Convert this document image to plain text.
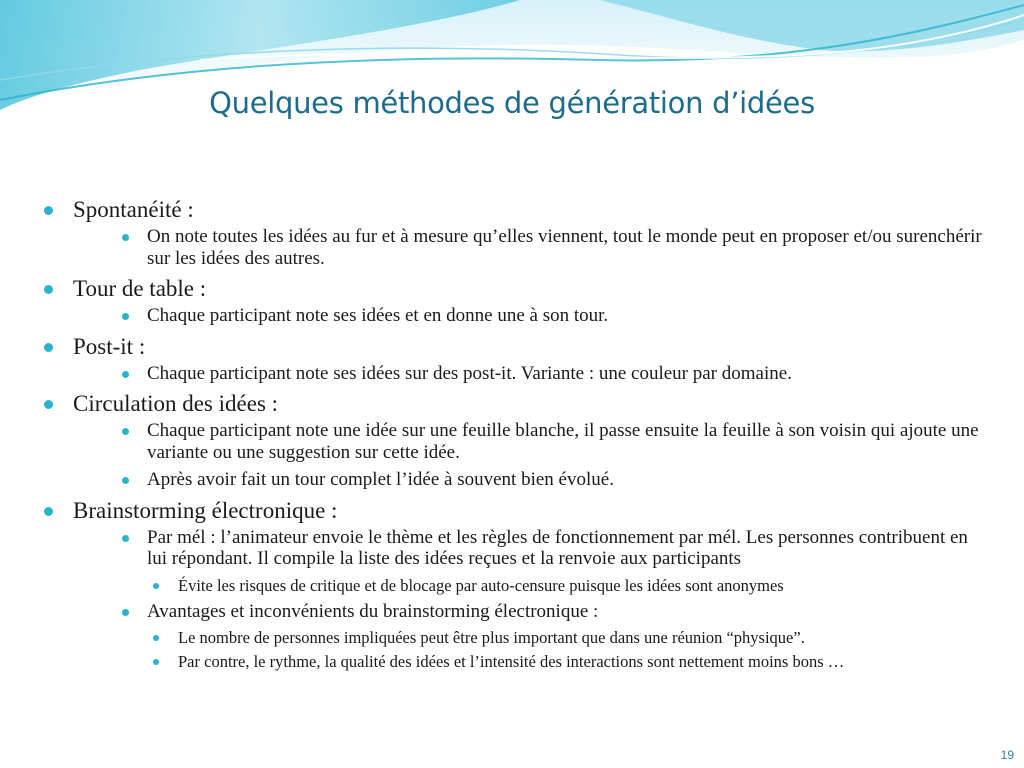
Quelques méthodes de génération d’idées
Spontanéité :
On note toutes les idées au fur et à mesure qu’elles viennent, tout le monde peut en proposer et/ou surenchérir sur les idées des autres.
Tour de table :
Chaque participant note ses idées et en donne une à son tour.
Post-it :
Chaque participant note ses idées sur des post-it. Variante : une couleur par domaine.
Circulation des idées :
Chaque participant note une idée sur une feuille blanche, il passe ensuite la feuille à son voisin qui ajoute une variante ou une suggestion sur cette idée.
Après avoir fait un tour complet l’idée à souvent bien évolué.
Brainstorming électronique :
Par mél : l’animateur envoie le thème et les règles de fonctionnement par mél. Les personnes contribuent en lui répondant. Il compile la liste des idées reçues et la renvoie aux participants
Évite les risques de critique et de blocage par auto-censure puisque les idées sont anonymes
Avantages et inconvénients du brainstorming électronique :
Le nombre de personnes impliquées peut être plus important que dans une réunion “physique”.
Par contre, le rythme, la qualité des idées et l’intensité des interactions sont nettement moins bons …
19
